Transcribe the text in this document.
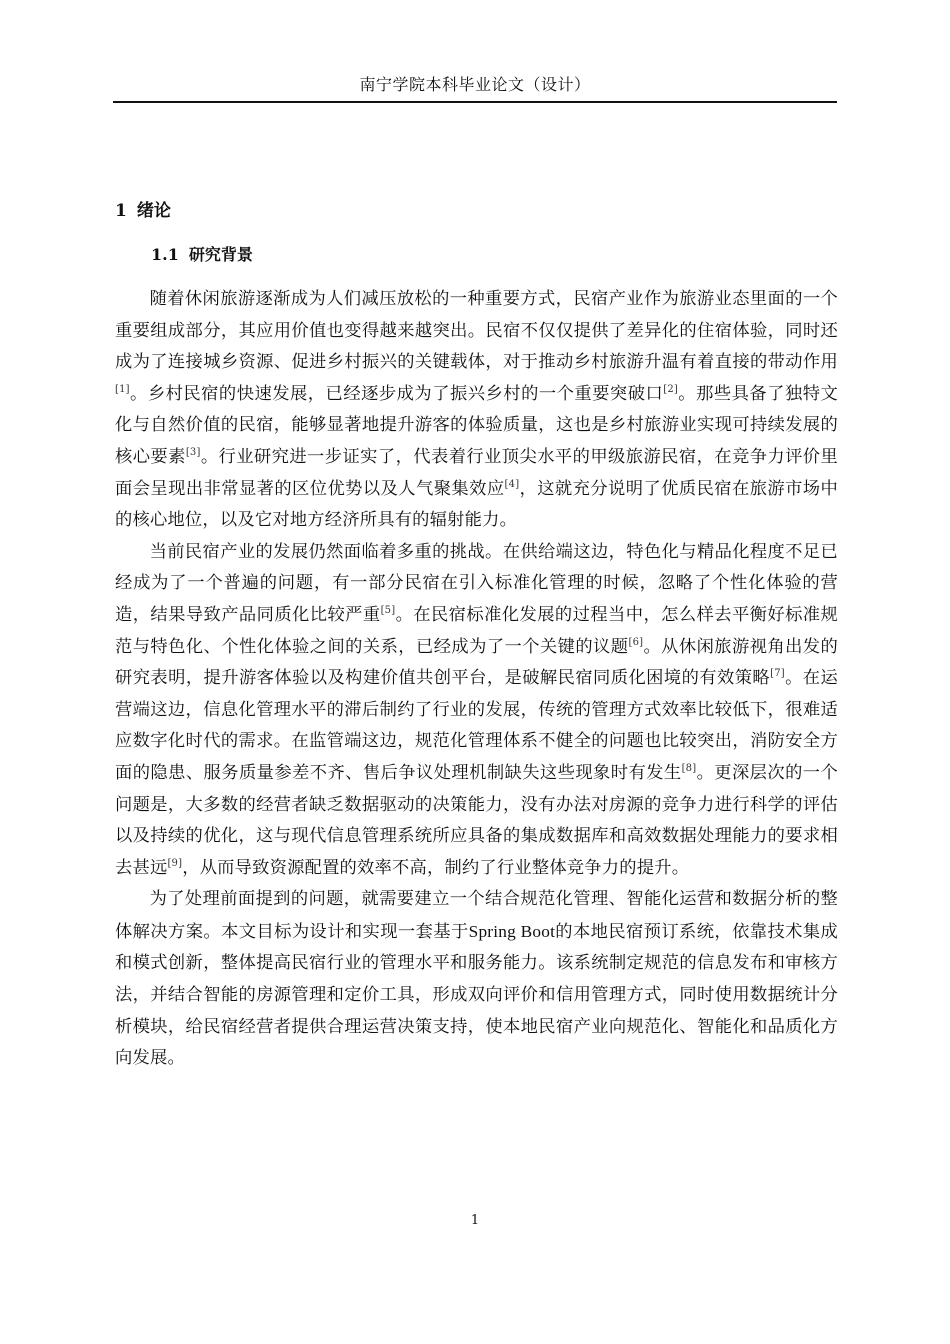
南宁学院本科毕业论文（设计）
1 绪论
1.1 研究背景

随着休闲旅游逐渐成为人们减压放松的一种重要方式，民宿产业作为旅游业态里面的一个重要组成部分，其应用价值也变得越来越突出。民宿不仅仅提供了差异化的住宿体验，同时还成为了连接城乡资源、促进乡村振兴的关键载体，对于推动乡村旅游升温有着直接的带动作用[1]。乡村民宿的快速发展，已经逐步成为了振兴乡村的一个重要突破口[2]。那些具备了独特文化与自然价值的民宿，能够显著地提升游客的体验质量，这也是乡村旅游业实现可持续发展的核心要素[3]。行业研究进一步证实了，代表着行业顶尖水平的甲级旅游民宿，在竞争力评价里面会呈现出非常显著的区位优势以及人气聚集效应[4]，这就充分说明了优质民宿在旅游市场中的核心地位，以及它对地方经济所具有的辐射能力。

当前民宿产业的发展仍然面临着多重的挑战。在供给端这边，特色化与精品化程度不足已经成为了一个普遍的问题，有一部分民宿在引入标准化管理的时候，忽略了个性化体验的营造，结果导致产品同质化比较严重[5]。在民宿标准化发展的过程当中，怎么样去平衡好标准规范与特色化、个性化体验之间的关系，已经成为了一个关键的议题[6]。从休闲旅游视角出发的研究表明，提升游客体验以及构建价值共创平台，是破解民宿同质化困境的有效策略[7]。在运营端这边，信息化管理水平的滞后制约了行业的发展，传统的管理方式效率比较低下，很难适应数字化时代的需求。在监管端这边，规范化管理体系不健全的问题也比较突出，消防安全方面的隐患、服务质量参差不齐、售后争议处理机制缺失这些现象时有发生[8]。更深层次的一个问题是，大多数的经营者缺乏数据驱动的决策能力，没有办法对房源的竞争力进行科学的评估以及持续的优化，这与现代信息管理系统所应具备的集成数据库和高效数据处理能力的要求相去甚远[9]，从而导致资源配置的效率不高，制约了行业整体竞争力的提升。

为了处理前面提到的问题，就需要建立一个结合规范化管理、智能化运营和数据分析的整体解决方案。本文目标为设计和实现一套基于Spring Boot的本地民宿预订系统，依靠技术集成和模式创新，整体提高民宿行业的管理水平和服务能力。该系统制定规范的信息发布和审核方法，并结合智能的房源管理和定价工具，形成双向评价和信用管理方式，同时使用数据统计分析模块，给民宿经营者提供合理运营决策支持，使本地民宿产业向规范化、智能化和品质化方向发展。

1
